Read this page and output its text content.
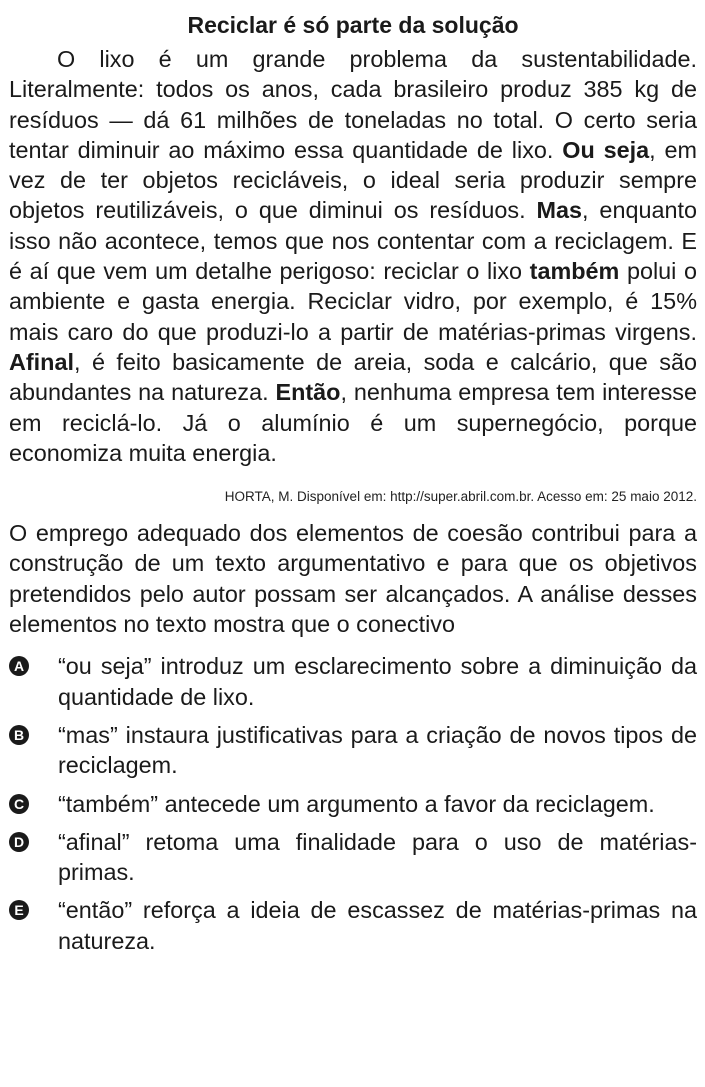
Reciclar é só parte da solução

O lixo é um grande problema da sustentabilidade. Literalmente: todos os anos, cada brasileiro produz 385 kg de resíduos — dá 61 milhões de toneladas no total. O certo seria tentar diminuir ao máximo essa quantidade de lixo. Ou seja, em vez de ter objetos recicláveis, o ideal seria produzir sempre objetos reutilizáveis, o que diminui os resíduos. Mas, enquanto isso não acontece, temos que nos contentar com a reciclagem. E é aí que vem um detalhe perigoso: reciclar o lixo também polui o ambiente e gasta energia. Reciclar vidro, por exemplo, é 15% mais caro do que produzi-lo a partir de matérias-primas virgens. Afinal, é feito basicamente de areia, soda e calcário, que são abundantes na natureza. Então, nenhuma empresa tem interesse em reciclá-lo. Já o alumínio é um supernegócio, porque economiza muita energia.

HORTA, M. Disponível em: http://super.abril.com.br. Acesso em: 25 maio 2012.

O emprego adequado dos elementos de coesão contribui para a construção de um texto argumentativo e para que os objetivos pretendidos pelo autor possam ser alcançados. A análise desses elementos no texto mostra que o conectivo

A “ou seja” introduz um esclarecimento sobre a diminuição da quantidade de lixo.
B “mas” instaura justificativas para a criação de novos tipos de reciclagem.
C “também” antecede um argumento a favor da reciclagem.
D “afinal” retoma uma finalidade para o uso de matérias-primas.
E “então” reforça a ideia de escassez de matérias-primas na natureza.
